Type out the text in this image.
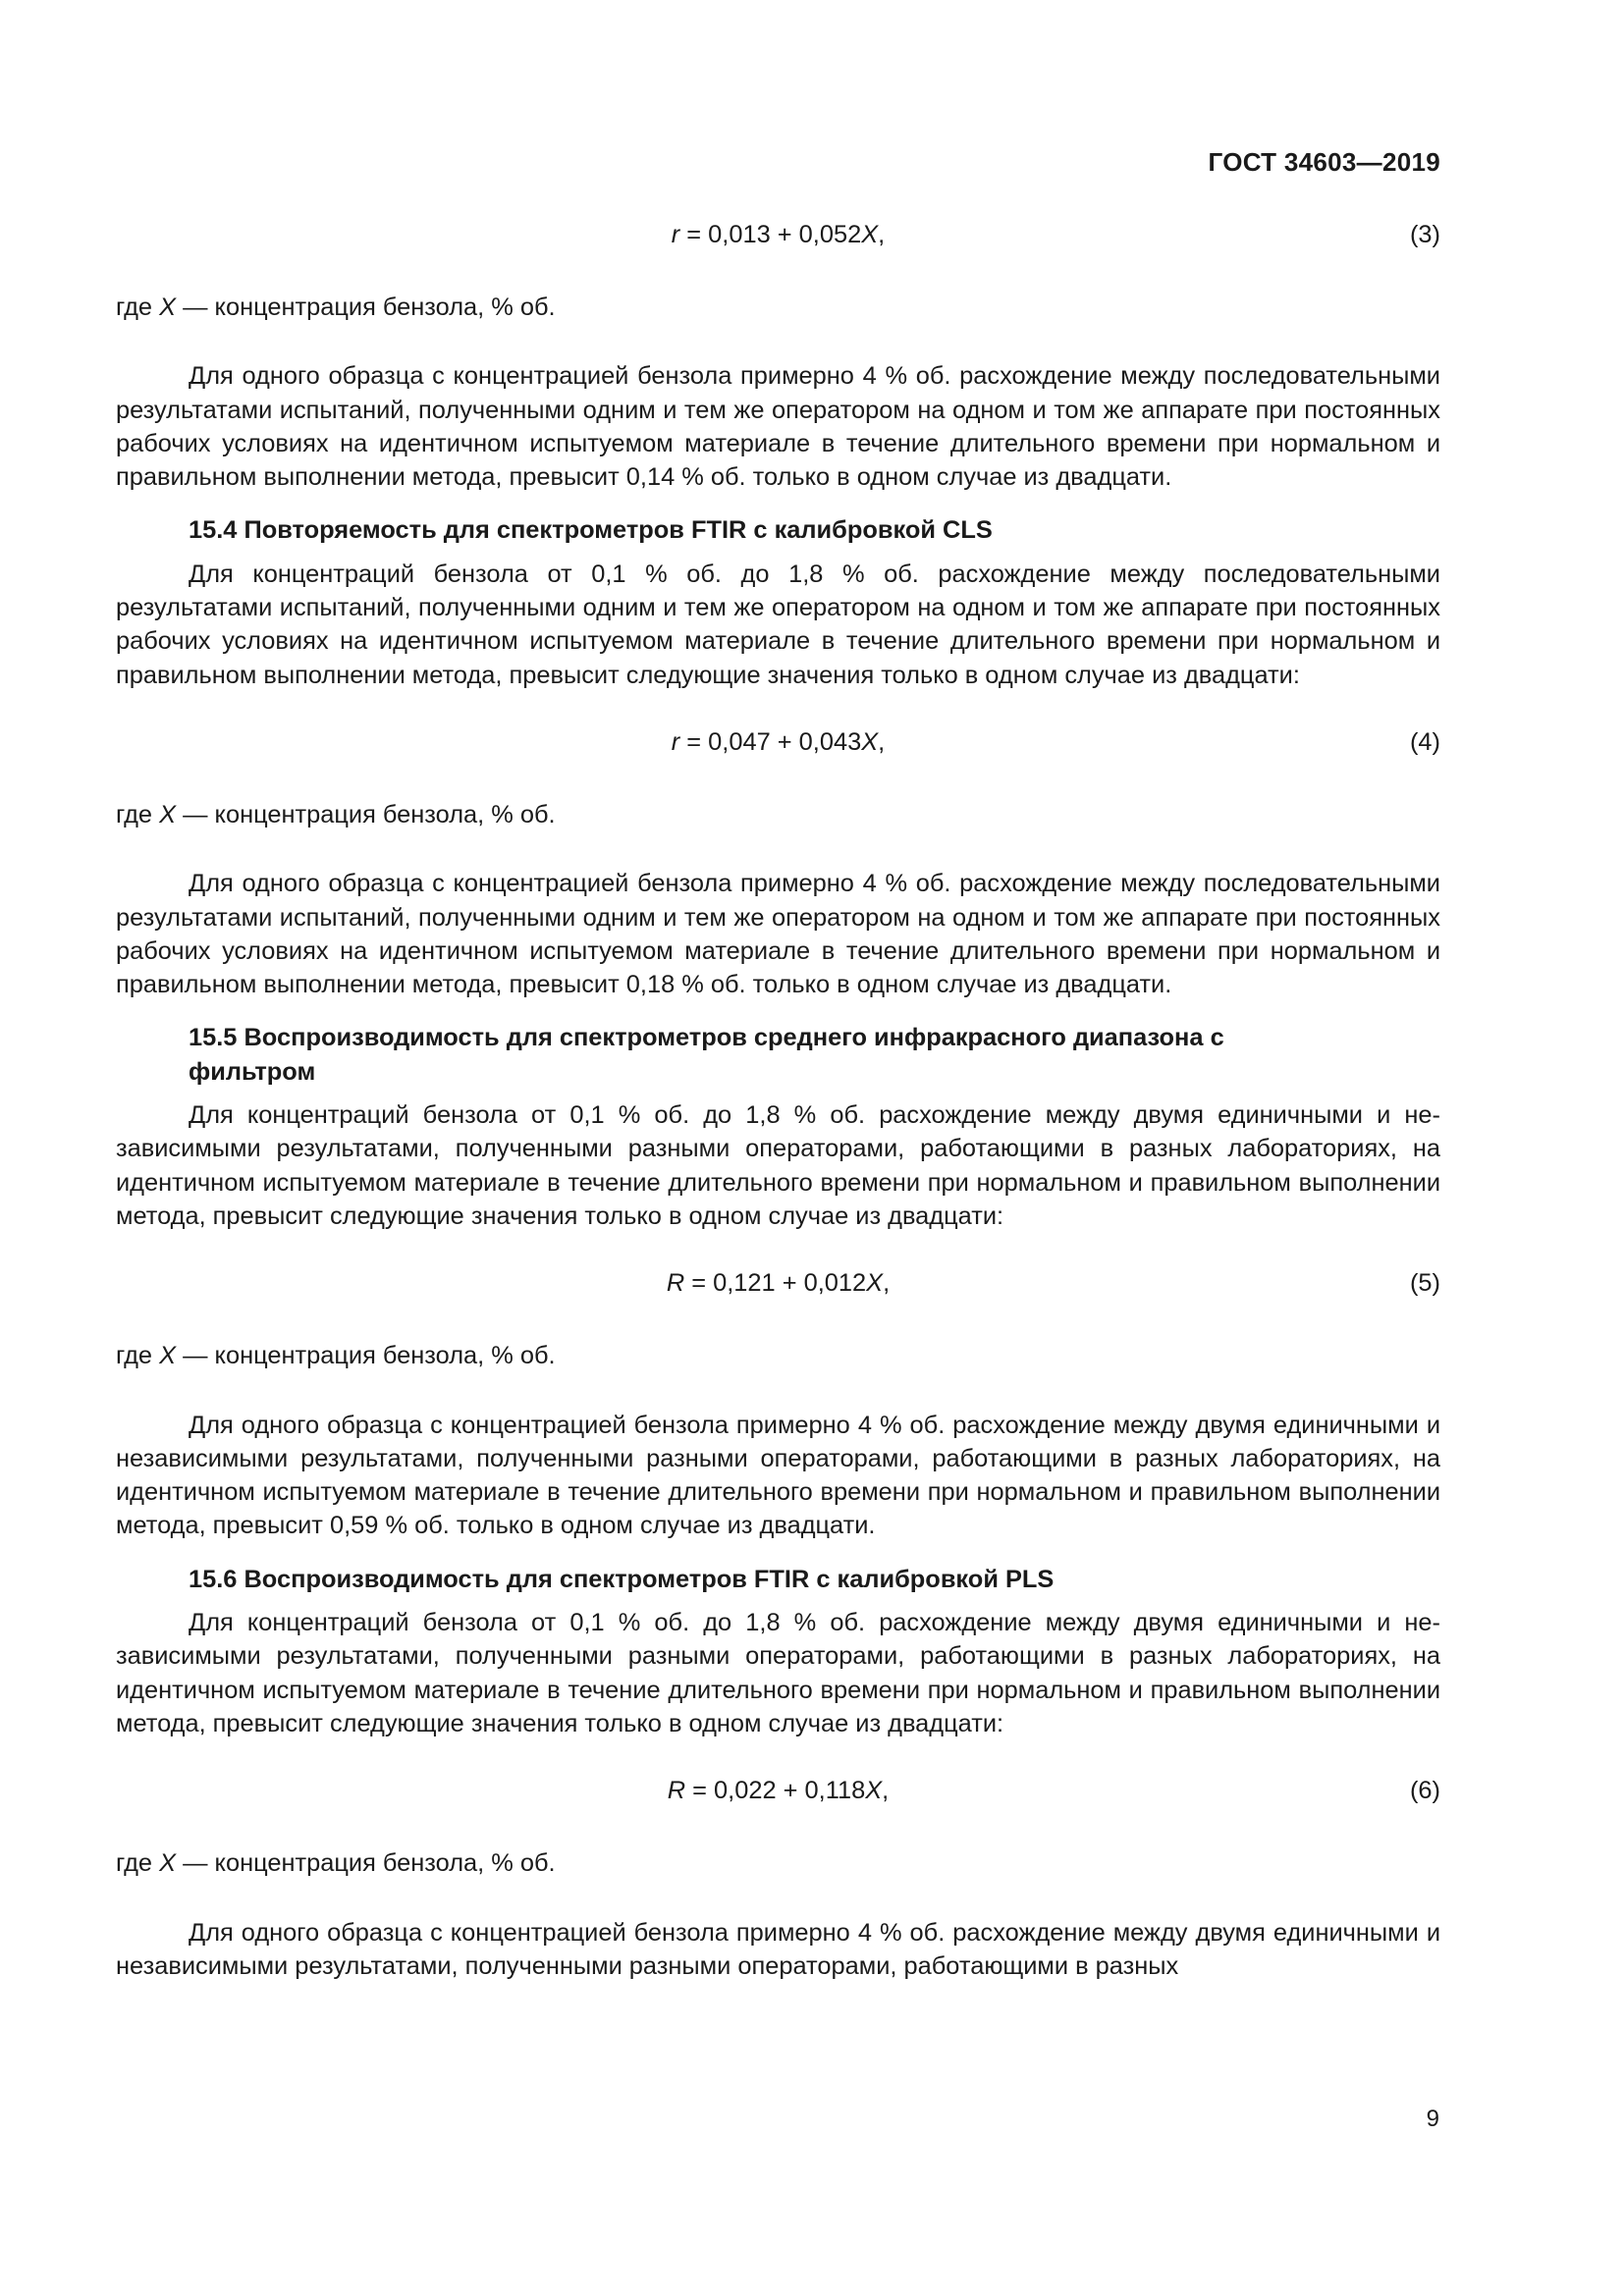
ГОСТ 34603—2019
r = 0,013 + 0,052X,	(3)

где X — концентрация бензола, % об.

Для одного образца с концентрацией бензола примерно 4 % об. расхождение между последовательными результатами испытаний, полученными одним и тем же оператором на одном и том же аппарате при постоянных рабочих условиях на идентичном испытуемом материале в течение длительного времени при нормальном и правильном выполнении метода, превысит 0,14 % об. только в одном случае из двадцати.

15.4 Повторяемость для спектрометров FTIR с калибровкой CLS

Для концентраций бензола от 0,1 % об. до 1,8 % об. расхождение между последовательными результатами испытаний, полученными одним и тем же оператором на одном и том же аппарате при постоянных рабочих условиях на идентичном испытуемом материале в течение длительного времени при нормальном и правильном выполнении метода, превысит следующие значения только в одном случае из двадцати:

r = 0,047 + 0,043X,	(4)

где X — концентрация бензола, % об.

Для одного образца с концентрацией бензола примерно 4 % об. расхождение между последовательными результатами испытаний, полученными одним и тем же оператором на одном и том же аппарате при постоянных рабочих условиях на идентичном испытуемом материале в течение длительного времени при нормальном и правильном выполнении метода, превысит 0,18 % об. только в одном случае из двадцати.

15.5 Воспроизводимость для спектрометров среднего инфракрасного диапазона с фильтром

Для концентраций бензола от 0,1 % об. до 1,8 % об. расхождение между двумя единичными и независимыми результатами, полученными разными операторами, работающими в разных лабораториях, на идентичном испытуемом материале в течение длительного времени при нормальном и правильном выполнении метода, превысит следующие значения только в одном случае из двадцати:

R = 0,121 + 0,012X,	(5)

где X — концентрация бензола, % об.

Для одного образца с концентрацией бензола примерно 4 % об. расхождение между двумя единичными и независимыми результатами, полученными разными операторами, работающими в разных лабораториях, на идентичном испытуемом материале в течение длительного времени при нормальном и правильном выполнении метода, превысит 0,59 % об. только в одном случае из двадцати.

15.6 Воспроизводимость для спектрометров FTIR с калибровкой PLS

Для концентраций бензола от 0,1 % об. до 1,8 % об. расхождение между двумя единичными и независимыми результатами, полученными разными операторами, работающими в разных лабораториях, на идентичном испытуемом материале в течение длительного времени при нормальном и правильном выполнении метода, превысит следующие значения только в одном случае из двадцати:

R = 0,022 + 0,118X,	(6)

где X — концентрация бензола, % об.

Для одного образца с концентрацией бензола примерно 4 % об. расхождение между двумя единичными и независимыми результатами, полученными разными операторами, работающими в разных

9
